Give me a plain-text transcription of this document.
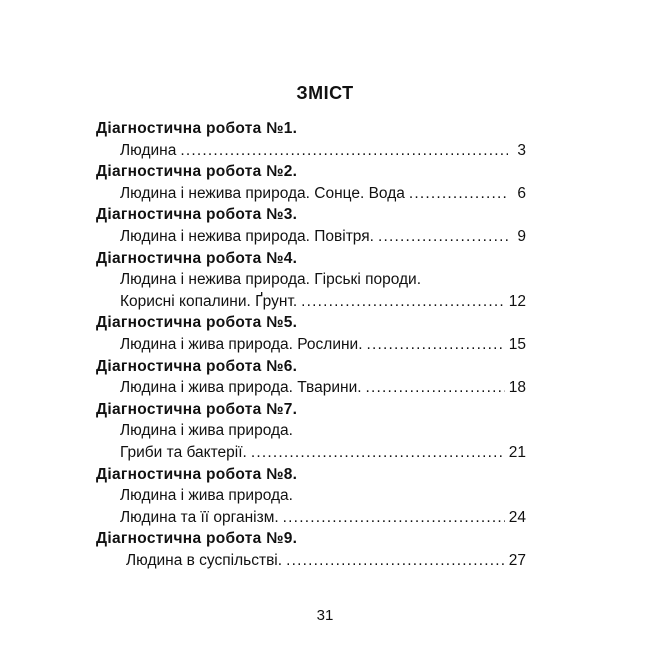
ЗМІСТ
Діагностична робота №1.
Людина .....	3
Діагностична робота №2.
Людина і нежива природа. Сонце. Вода .....	6
Діагностична робота №3.
Людина і нежива природа. Повітря. .....	9
Діагностична робота №4.
Людина і нежива природа. Гірські породи.
Корисні копалини. Ґрунт. .....	12
Діагностична робота №5.
Людина і жива природа. Рослини. .....	15
Діагностична робота №6.
Людина і жива природа. Тварини. .....	18
Діагностична робота №7.
Людина і жива природа.
Гриби та бактерії. .....	21
Діагностична робота №8.
Людина і жива природа.
Людина та її організм. .....	24
Діагностична робота №9.
Людина в суспільстві. .....	27
31
